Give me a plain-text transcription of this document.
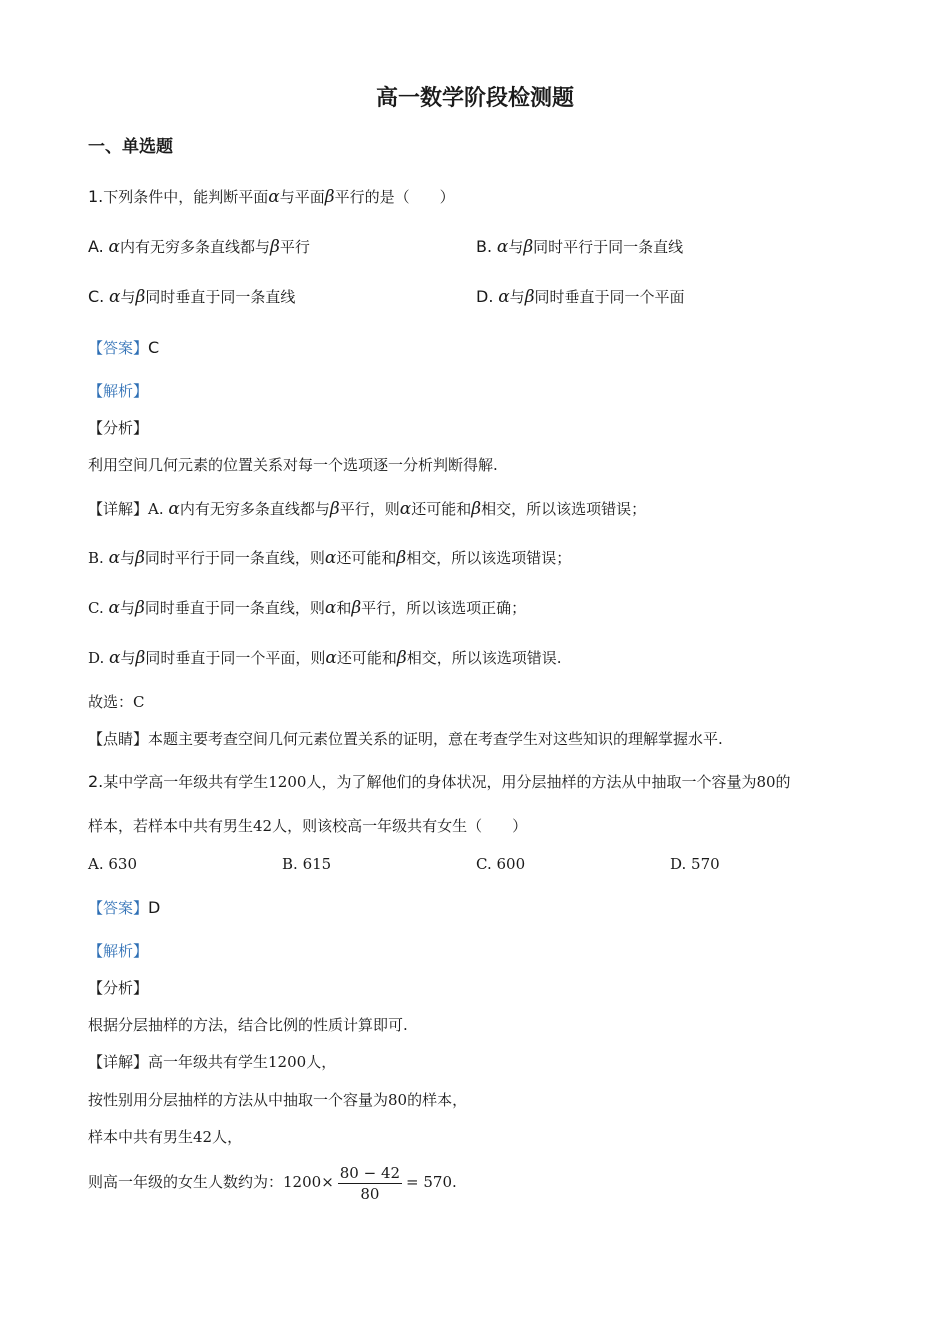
高一数学阶段检测题
一、单选题
1.下列条件中，能判断平面α与平面β平行的是（　　）
A. α内有无穷多条直线都与β平行	B. α与β同时平行于同一条直线
C. α与β同时垂直于同一条直线	D. α与β同时垂直于同一个平面
【答案】C
【解析】
【分析】
利用空间几何元素的位置关系对每一个选项逐一分析判断得解.
【详解】A. α内有无穷多条直线都与β平行，则α还可能和β相交，所以该选项错误；
B. α与β同时平行于同一条直线，则α还可能和β相交，所以该选项错误；
C. α与β同时垂直于同一条直线，则α和β平行，所以该选项正确；
D. α与β同时垂直于同一个平面，则α还可能和β相交，所以该选项错误.
故选：C
【点睛】本题主要考查空间几何元素位置关系的证明，意在考查学生对这些知识的理解掌握水平.
2.某中学高一年级共有学生1200人，为了解他们的身体状况，用分层抽样的方法从中抽取一个容量为80的
样本，若样本中共有男生42人，则该校高一年级共有女生（　　）
A. 630	B. 615	C. 600	D. 570
【答案】D
【解析】
【分析】
根据分层抽样的方法，结合比例的性质计算即可.
【详解】高一年级共有学生1200人，
按性别用分层抽样的方法从中抽取一个容量为80的样本，
样本中共有男生42人，
则高一年级的女生人数约为：$1200\times \frac{80 - 42}{80} = 570$.
